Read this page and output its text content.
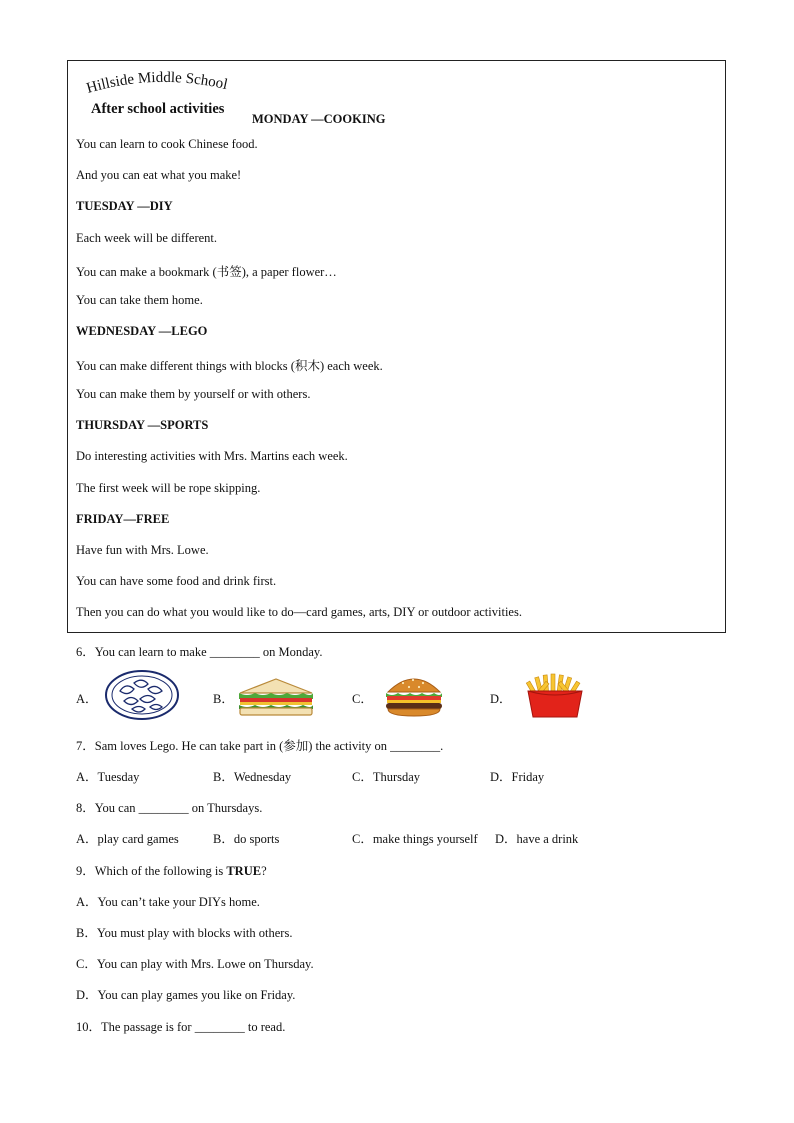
Hillside Middle School
After school activities
MONDAY —COOKING
You can learn to cook Chinese food.
And you can eat what you make!
TUESDAY —DIY
Each week will be different.
You can make a bookmark (书签), a paper flower…
You can take them home.
WEDNESDAY —LEGO
You can make different things with blocks (积木) each week.
You can make them by yourself or with others.
THURSDAY —SPORTS
Do interesting activities with Mrs. Martins each week.
The first week will be rope skipping.
FRIDAY—FREE
Have fun with Mrs. Lowe.
You can have some food and drink first.
Then you can do what you would like to do—card games, arts, DIY or outdoor activities.
6．You can learn to make ________ on Monday.
A．	B．	C．	D．
7．Sam loves Lego. He can take part in (参加) the activity on ________.
A．Tuesday	B．Wednesday	C．Thursday	D．Friday
8．You can ________ on Thursdays.
A．play card games	B．do sports	C．make things yourself D．have a drink
9．Which of the following is TRUE?
A．You can’t take your DIYs home.
B．You must play with blocks with others.
C．You can play with Mrs. Lowe on Thursday.
D．You can play games you like on Friday.
10．The passage is for ________ to read.
